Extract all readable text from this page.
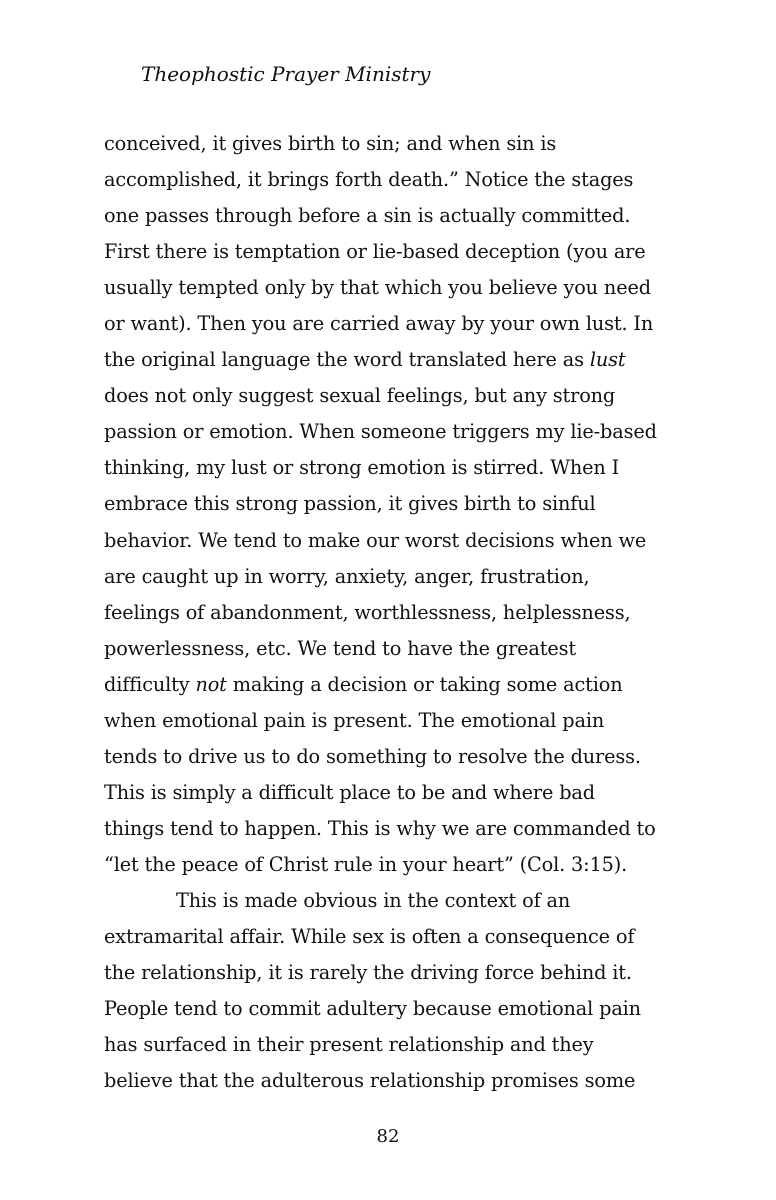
Theophostic Prayer Ministry
conceived, it gives birth to sin; and when sin is
accomplished, it brings forth death.” Notice the stages
one passes through before a sin is actually committed.
First there is temptation or lie-based deception (you are
usually tempted only by that which you believe you need
or want). Then you are carried away by your own lust. In
the original language the word translated here as lust
does not only suggest sexual feelings, but any strong
passion or emotion. When someone triggers my lie-based
thinking, my lust or strong emotion is stirred. When I
embrace this strong passion, it gives birth to sinful
behavior. We tend to make our worst decisions when we
are caught up in worry, anxiety, anger, frustration,
feelings of abandonment, worthlessness, helplessness,
powerlessness, etc. We tend to have the greatest
difficulty not making a decision or taking some action
when emotional pain is present. The emotional pain
tends to drive us to do something to resolve the duress.
This is simply a difficult place to be and where bad
things tend to happen. This is why we are commanded to
“let the peace of Christ rule in your heart” (Col. 3:15).
This is made obvious in the context of an
extramarital affair. While sex is often a consequence of
the relationship, it is rarely the driving force behind it.
People tend to commit adultery because emotional pain
has surfaced in their present relationship and they
believe that the adulterous relationship promises some
82
